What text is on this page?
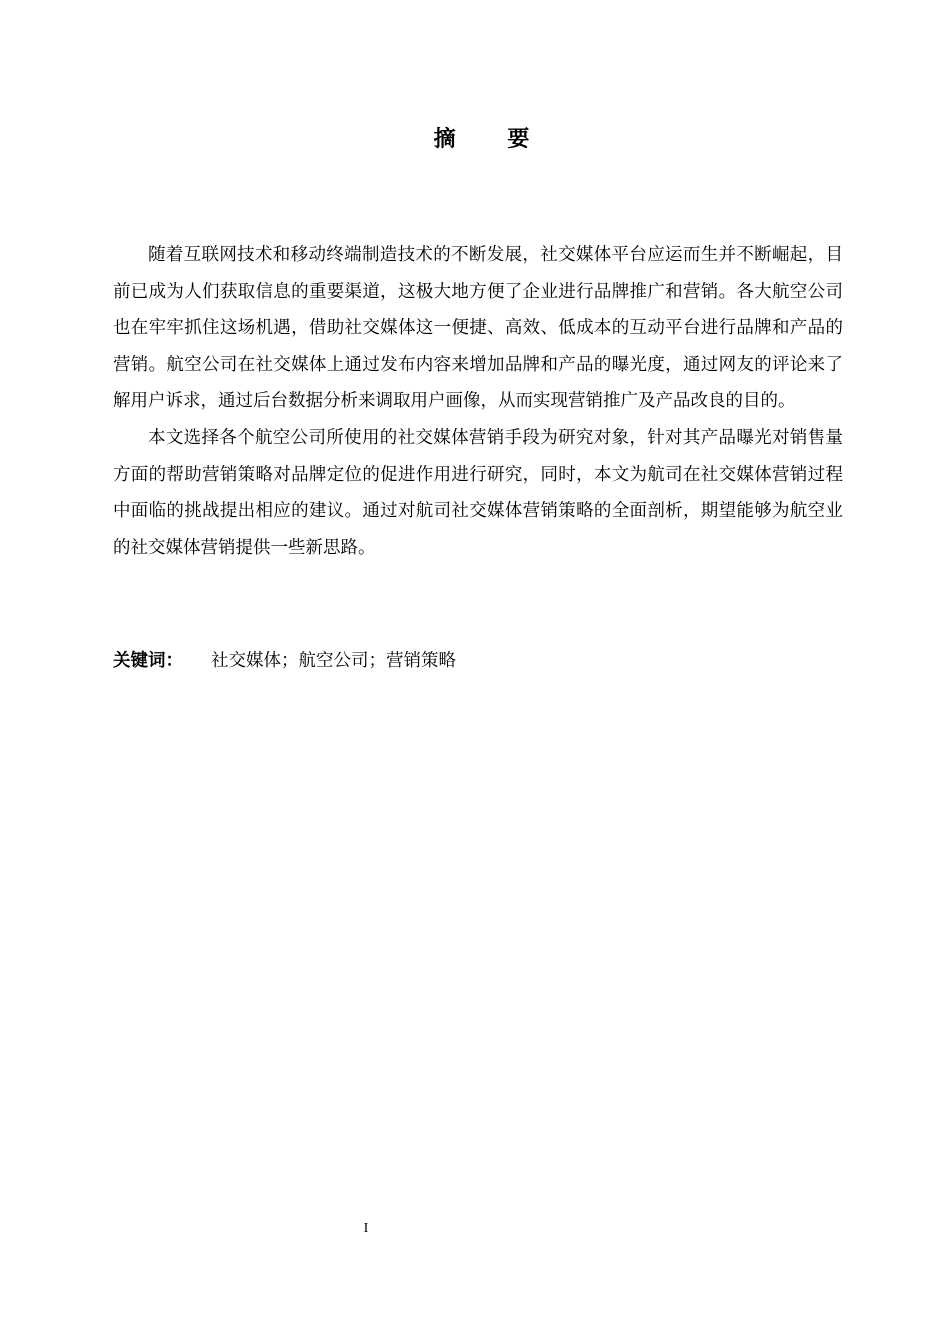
摘 要

随着互联网技术和移动终端制造技术的不断发展，社交媒体平台应运而生并不断崛起，目前已成为人们获取信息的重要渠道，这极大地方便了企业进行品牌推广和营销。各大航空公司也在牢牢抓住这场机遇，借助社交媒体这一便捷、高效、低成本的互动平台进行品牌和产品的营销。航空公司在社交媒体上通过发布内容来增加品牌和产品的曝光度，通过网友的评论来了解用户诉求，通过后台数据分析来调取用户画像，从而实现营销推广及产品改良的目的。

本文选择各个航空公司所使用的社交媒体营销手段为研究对象，针对其产品曝光对销售量方面的帮助营销策略对品牌定位的促进作用进行研究，同时，本文为航司在社交媒体营销过程中面临的挑战提出相应的建议。通过对航司社交媒体营销策略的全面剖析，期望能够为航空业的社交媒体营销提供一些新思路。

关键词： 社交媒体；航空公司；营销策略
I
